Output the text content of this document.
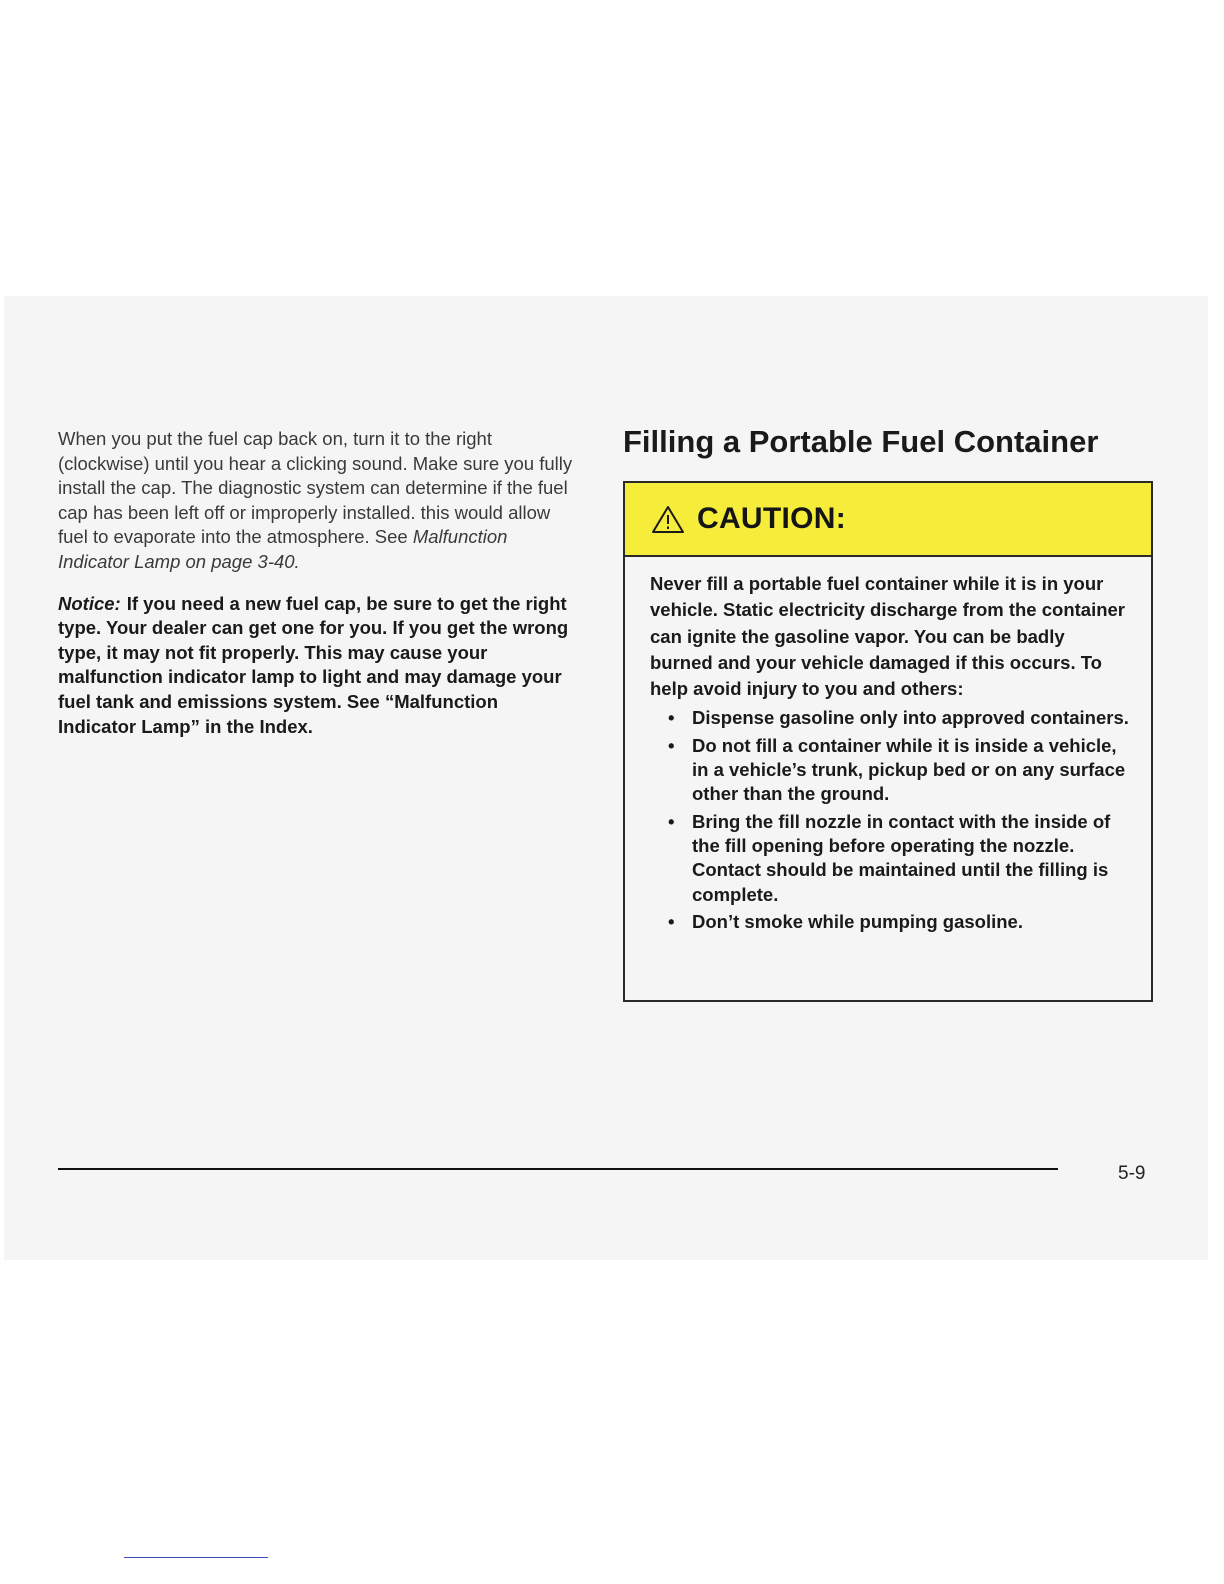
When you put the fuel cap back on, turn it to the right (clockwise) until you hear a clicking sound. Make sure you fully install the cap. The diagnostic system can determine if the fuel cap has been left off or improperly installed. this would allow fuel to evaporate into the atmosphere. See Malfunction Indicator Lamp on page 3-40.

Notice: If you need a new fuel cap, be sure to get the right type. Your dealer can get one for you. If you get the wrong type, it may not fit properly. This may cause your malfunction indicator lamp to light and may damage your fuel tank and emissions system. See “Malfunction Indicator Lamp” in the Index.

Filling a Portable Fuel Container
CAUTION:

Never fill a portable fuel container while it is in your vehicle. Static electricity discharge from the container can ignite the gasoline vapor. You can be badly burned and your vehicle damaged if this occurs. To help avoid injury to you and others:

• Dispense gasoline only into approved containers.
• Do not fill a container while it is inside a vehicle, in a vehicle’s trunk, pickup bed or on any surface other than the ground.
• Bring the fill nozzle in contact with the inside of the fill opening before operating the nozzle. Contact should be maintained until the filling is complete.
• Don’t smoke while pumping gasoline.
5-9
